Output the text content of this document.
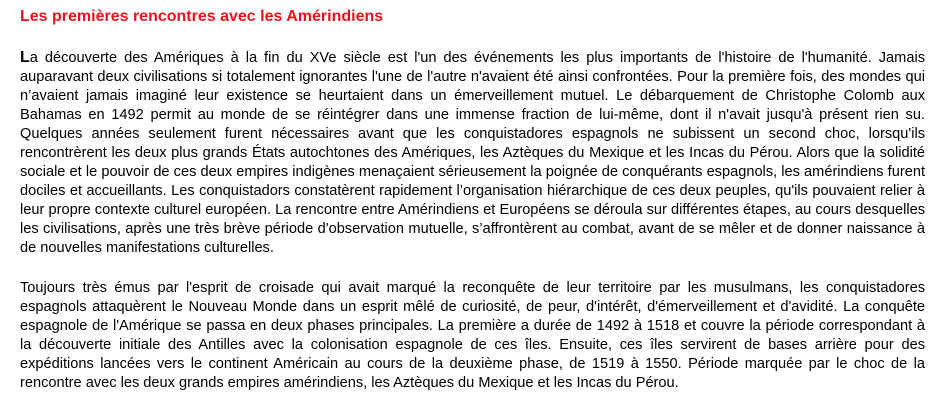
Les premières rencontres avec les Amérindiens

La découverte des Amériques à la fin du XVe siècle est l'un des événements les plus importants de l'histoire de l'humanité. Jamais auparavant deux civilisations si totalement ignorantes l'une de l'autre n'avaient été ainsi confrontées. Pour la première fois, des mondes qui n’avaient jamais imaginé leur existence se heurtaient dans un émerveillement mutuel. Le débarquement de Christophe Colomb aux Bahamas en 1492 permit au monde de se réintégrer dans une immense fraction de lui-même, dont il n'avait jusqu'à présent rien su. Quelques années seulement furent nécessaires avant que les conquistadores espagnols ne subissent un second choc, lorsqu'ils rencontrèrent les deux plus grands États autochtones des Amériques, les Aztèques du Mexique et les Incas du Pérou. Alors que la solidité sociale et le pouvoir de ces deux empires indigènes menaçaient sérieusement la poignée de conquérants espagnols, les amérindiens furent dociles et accueillants. Les conquistadors constatèrent rapidement l’organisation hiérarchique de ces deux peuples, qu'ils pouvaient relier à leur propre contexte culturel européen. La rencontre entre Amérindiens et Européens se déroula sur différentes étapes, au cours desquelles les civilisations, après une très brève période d'observation mutuelle, s’affrontèrent au combat, avant de se mêler et de donner naissance à de nouvelles manifestations culturelles.

Toujours très émus par l'esprit de croisade qui avait marqué la reconquête de leur territoire par les musulmans, les conquistadores espagnols attaquèrent le Nouveau Monde dans un esprit mêlé de curiosité, de peur, d'intérêt, d'émerveillement et d'avidité. La conquête espagnole de l'Amérique se passa en deux phases principales. La première a durée de 1492 à 1518 et couvre la période correspondant à la découverte initiale des Antilles avec la colonisation espagnole de ces îles. Ensuite, ces îles servirent de bases arrière pour des expéditions lancées vers le continent Américain au cours de la deuxième phase, de 1519 à 1550. Période marquée par le choc de la rencontre avec les deux grands empires amérindiens, les Aztèques du Mexique et les Incas du Pérou.
